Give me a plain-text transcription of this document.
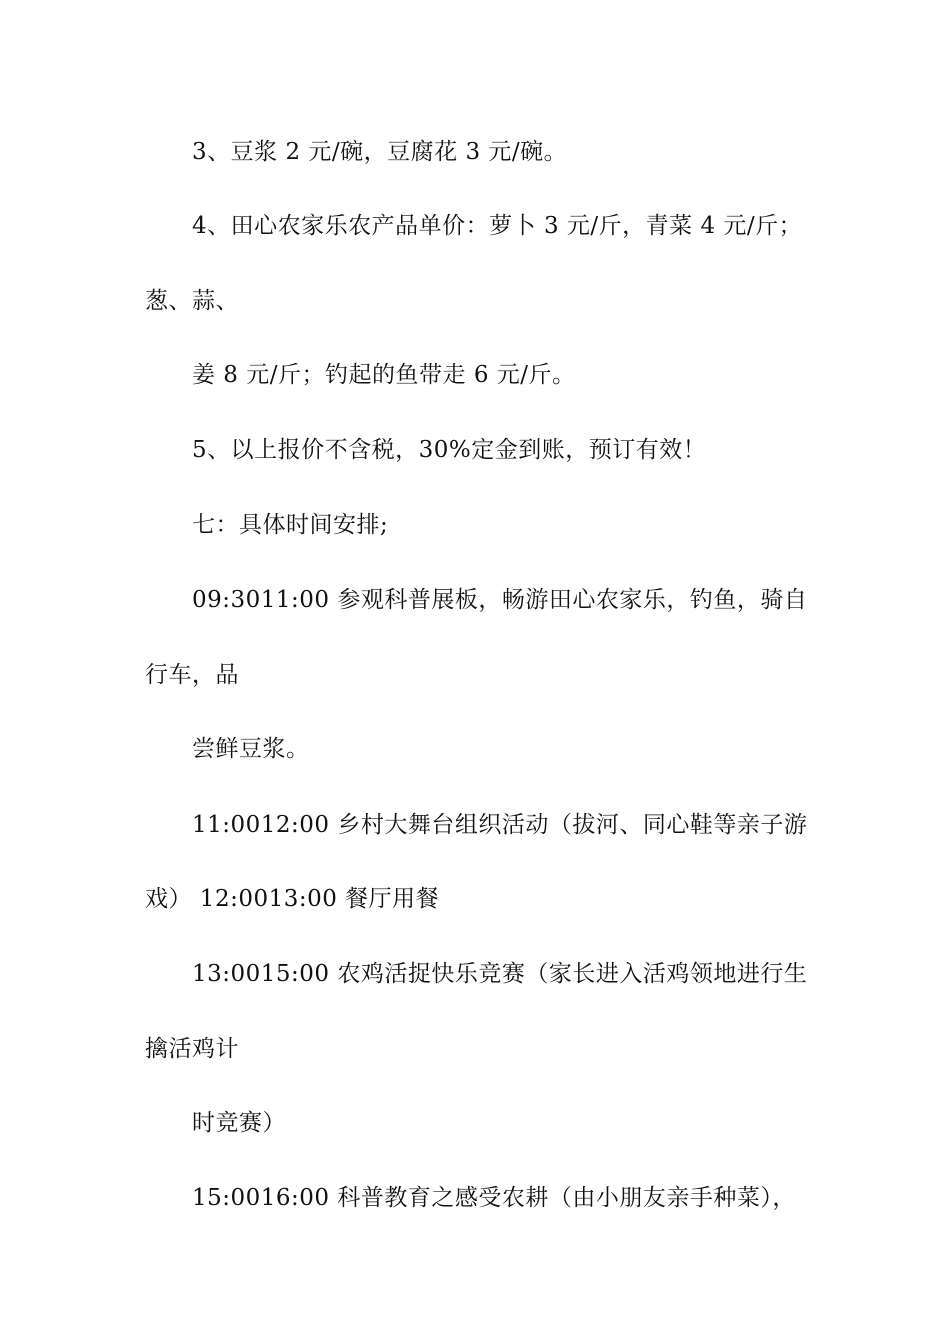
3、豆浆 2 元/碗，豆腐花 3 元/碗。
4、田心农家乐农产品单价：萝卜 3 元/斤，青菜 4 元/斤；
葱、蒜、
姜 8 元/斤；钓起的鱼带走 6 元/斤。
5、以上报价不含税，30%定金到账，预订有效！
七：具体时间安排;
09:3011:00 参观科普展板，畅游田心农家乐，钓鱼，骑自
行车，品
尝鲜豆浆。
11:0012:00 乡村大舞台组织活动（拔河、同心鞋等亲子游
戏） 12:0013:00 餐厅用餐
13:0015:00 农鸡活捉快乐竞赛（家长进入活鸡领地进行生
擒活鸡计
时竞赛）
15:0016:00 科普教育之感受农耕（由小朋友亲手种菜），
